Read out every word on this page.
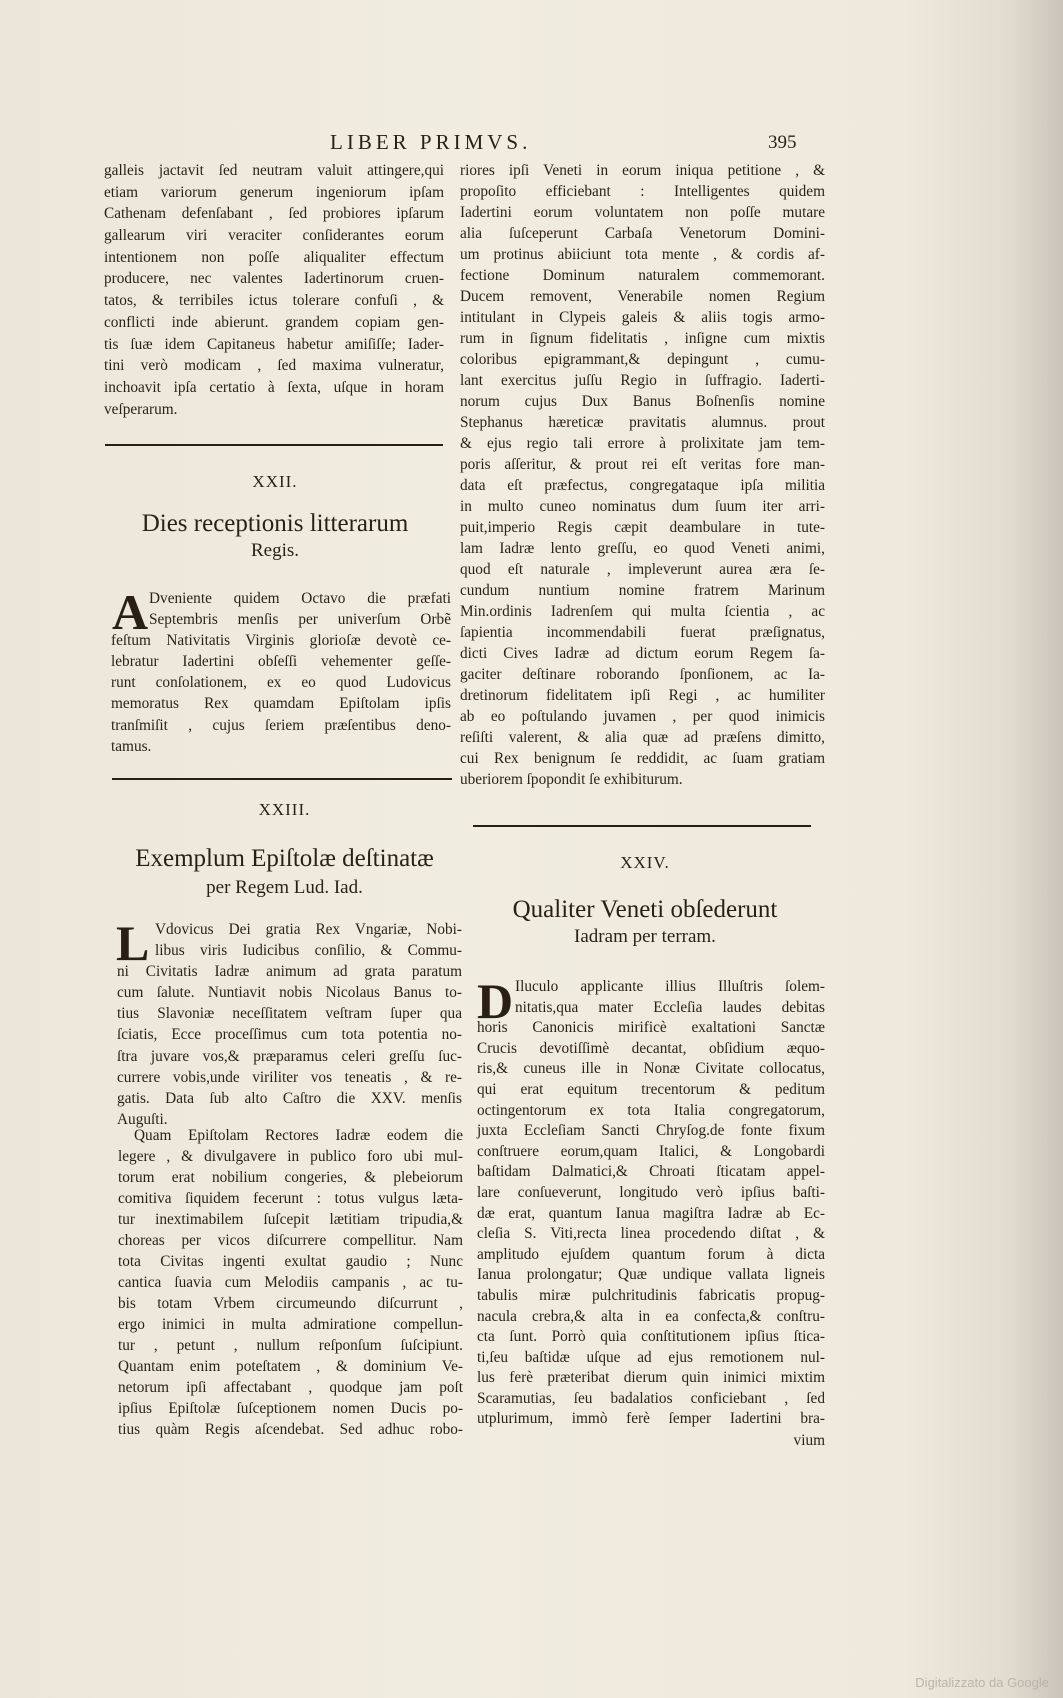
LIBER PRIMVS.	395
galleis jactavit ſed neutram valuit attingere,qui
etiam variorum generum ingeniorum ipſam
Cathenam defenſabant , ſed probiores ipſarum
gallearum viri veraciter conſiderantes eorum
intentionem non poſſe aliqualiter effectum
producere, nec valentes Iadertinorum cruen-
tatos, & terribiles ictus tolerare confuſi , &
conflicti inde abierunt. grandem copiam gen-
tis ſuæ idem Capitaneus habetur amiſiſſe; Iader-
tini verò modicam , ſed maxima vulneratur,
inchoavit ipſa certatio à ſexta, uſque in horam
veſperarum.
XXII.
Dies receptionis litterarum
Regis.
A Dveniente quidem Octavo die præfati
Septembris menſis per univerſum Orbẽ
feſtum Nativitatis Virginis glorioſæ devotè ce-
lebratur Iadertini obſeſſi vehementer geſſe-
runt conſolationem, ex eo quod Ludovicus
memoratus Rex quamdam Epiſtolam ipſis
tranſmiſit , cujus ſeriem præſentibus deno-
tamus.
XXIII.
Exemplum Epiſtolæ deſtinatæ
per Regem Lud. Iad.
L Vdovicus Dei gratia Rex Vngariæ, Nobi-
libus viris Iudicibus conſilio, & Commu-
ni Civitatis Iadræ animum ad grata paratum
cum ſalute. Nuntiavit nobis Nicolaus Banus to-
tius Slavoniæ neceſſitatem veſtram ſuper qua
ſciatis, Ecce proceſſimus cum tota potentia no-
ſtra juvare vos,& præparamus celeri greſſu ſuc-
currere vobis,unde viriliter vos teneatis , & re-
gatis. Data ſub alto Caſtro die XXV. menſis
Auguſti.
Quam Epiſtolam Rectores Iadræ eodem die
legere , & divulgavere in publico foro ubi mul-
torum erat nobilium congeries, & plebeiorum
comitiva ſiquidem fecerunt : totus vulgus læta-
tur inextimabilem ſuſcepit lætitiam tripudia,&
choreas per vicos diſcurrere compellitur. Nam
tota Civitas ingenti exultat gaudio ; Nunc
cantica ſuavia cum Melodiis campanis , ac tu-
bis totam Vrbem circumeundo diſcurrunt ,
ergo inimici in multa admiratione compellun-
tur , petunt , nullum reſponſum ſuſcipiunt.
Quantam enim poteſtatem , & dominium Ve-
netorum ipſi affectabant , quodque jam poſt
ipſius Epiſtolæ ſuſceptionem nomen Ducis po-
tius quàm Regis aſcendebat. Sed adhuc robo-
riores ipſi Veneti in eorum iniqua petitione , &
propoſito efficiebant : Intelligentes quidem
Iadertini eorum voluntatem non poſſe mutare
alia ſuſceperunt Carbaſa Venetorum Domini-
um protinus abiiciunt tota mente , & cordis af-
fectione Dominum naturalem commemorant.
Ducem removent, Venerabile nomen Regium
intitulant in Clypeis galeis & aliis togis armo-
rum in ſignum fidelitatis , inſigne cum mixtis
coloribus epigrammant,& depingunt , cumu-
lant exercitus juſſu Regio in ſuffragio. Iaderti-
norum cujus Dux Banus Boſnenſis nomine
Stephanus hæreticæ pravitatis alumnus. prout
& ejus regio tali errore à prolixitate jam tem-
poris aſſeritur, & prout rei eſt veritas fore man-
data eſt præfectus, congregataque ipſa militia
in multo cuneo nominatus dum ſuum iter arri-
puit,imperio Regis cæpit deambulare in tute-
lam Iadræ lento greſſu, eo quod Veneti animi,
quod eſt naturale , impleverunt aurea æra ſe-
cundum nuntium nomine fratrem Marinum
Min.ordinis Iadrenſem qui multa ſcientia , ac
ſapientia incommendabili fuerat præſignatus,
dicti Cives Iadræ ad dictum eorum Regem ſa-
gaciter deſtinare roborando ſponſionem, ac Ia-
dretinorum fidelitatem ipſi Regi , ac humiliter
ab eo poſtulando juvamen , per quod inimicis
reſiſti valerent, & alia quæ ad præſens dimitto,
cui Rex benignum ſe reddidit, ac ſuam gratiam
uberiorem ſpopondit ſe exhibiturum.
XXIV.
Qualiter Veneti obſederunt
Iadram per terram.
D Iluculo applicante illius Illuſtris ſolem-
nitatis,qua mater Eccleſia laudes debitas
horis Canonicis mirificè exaltationi Sanctæ
Crucis devotiſſimè decantat, obſidium æquo-
ris,& cuneus ille in Nonæ Civitate collocatus,
qui erat equitum trecentorum & peditum
octingentorum ex tota Italia congregatorum,
juxta Eccleſiam Sancti Chryſog.de fonte fixum
conſtruere eorum,quam Italici, & Longobardi
baſtidam Dalmatici,& Chroati ſticatam appel-
lare conſueverunt, longitudo verò ipſius baſti-
dæ erat, quantum Ianua magiſtra Iadræ ab Ec-
cleſia S. Viti,recta linea procedendo diſtat , &
amplitudo ejuſdem quantum forum à dicta
Ianua prolongatur; Quæ undique vallata ligneis
tabulis miræ pulchritudinis fabricatis propug-
nacula crebra,& alta in ea confecta,& conſtru-
cta ſunt. Porrò quia conſtitutionem ipſius ſtica-
ti,ſeu baſtidæ uſque ad ejus remotionem nul-
lus ferè præteribat dierum quin inimici mixtim
Scaramutias, ſeu badalatios conficiebant , ſed
utplurimum, immò ferè ſemper Iadertini bra-
vium
Digitalizzato da Google
